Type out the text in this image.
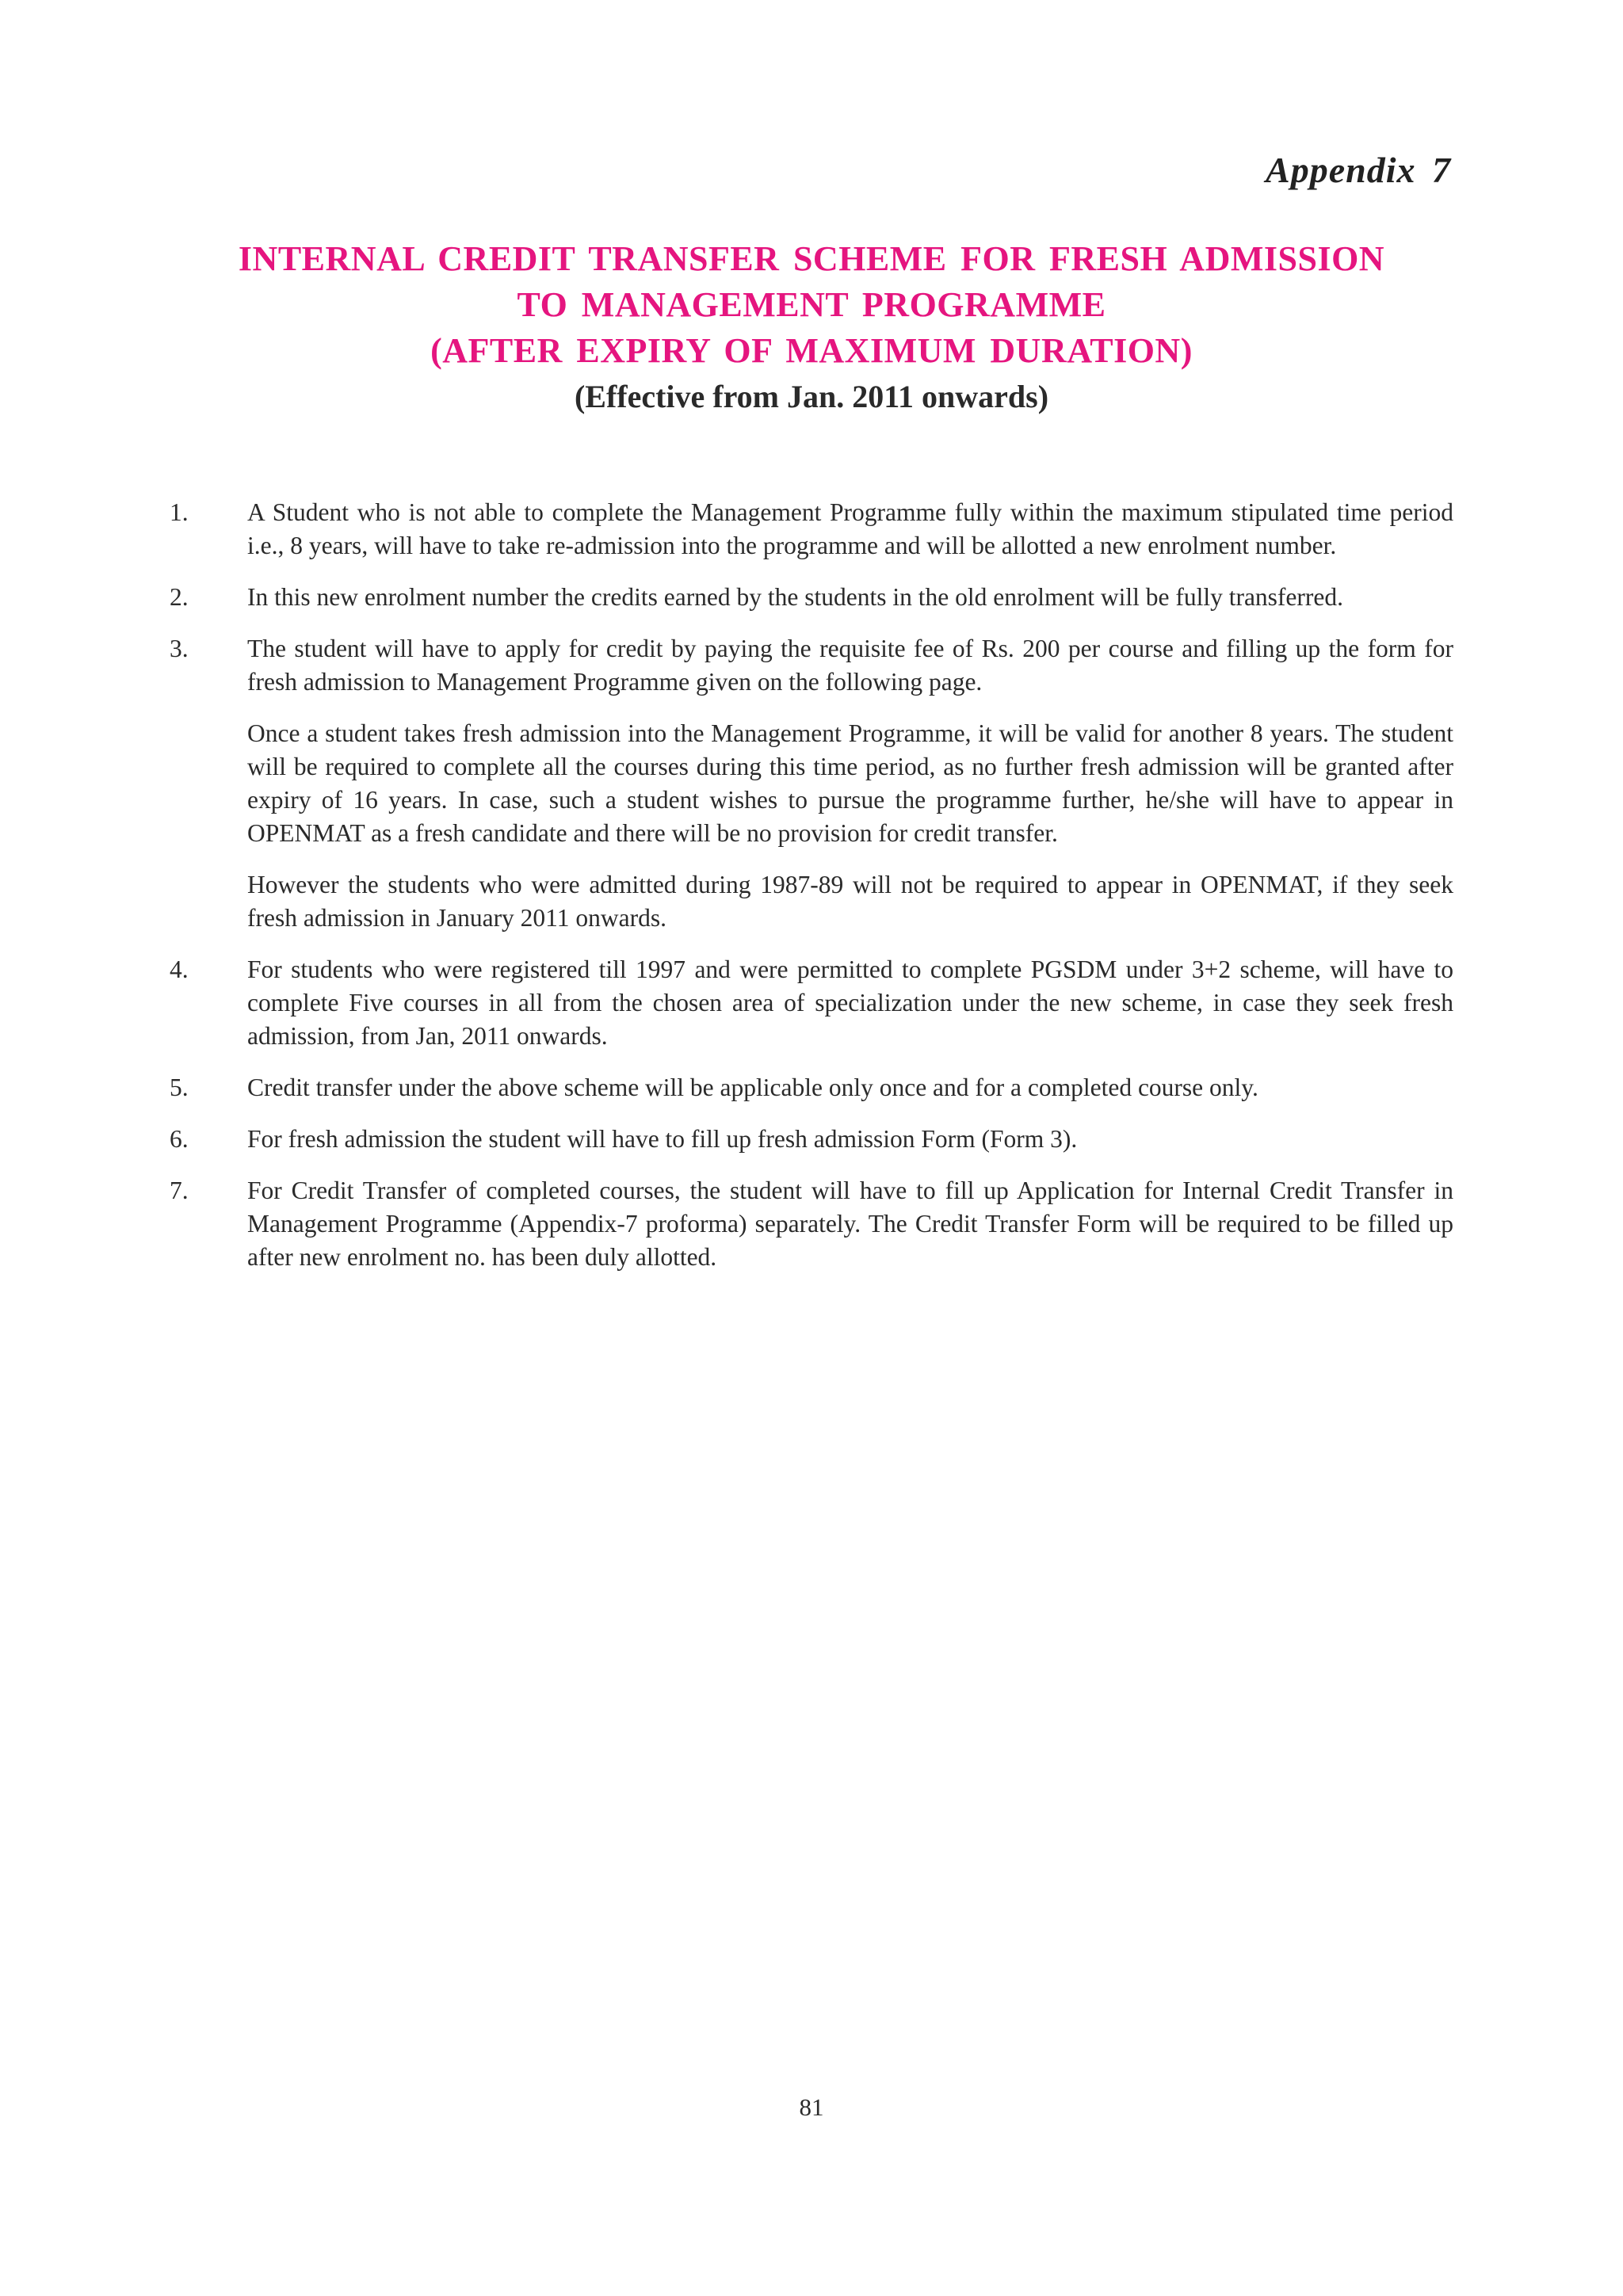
Appendix 7
INTERNAL CREDIT TRANSFER SCHEME FOR FRESH ADMISSION
TO MANAGEMENT PROGRAMME
(AFTER EXPIRY OF MAXIMUM DURATION)
(Effective from Jan. 2011 onwards)
1.	A Student who is not able to complete the Management Programme fully within the maximum stipulated time period i.e., 8 years, will have to take re-admission into the programme and will be allotted a new enrolment number.
2.	In this new enrolment number the credits earned by the students in the old enrolment will be fully transferred.
3.	The student will have to apply for credit by paying the requisite fee of Rs. 200 per course and filling up the form for fresh admission to Management Programme given on the following page.
Once a student takes fresh admission into the Management Programme, it will be valid for another 8 years. The student will be required to complete all the courses during this time period, as no further fresh admission will be granted after expiry of 16 years. In case, such a student wishes to pursue the programme further, he/she will have to appear in OPENMAT as a fresh candidate and there will be no provision for credit transfer.
However the students who were admitted during 1987-89 will not be required to appear in OPENMAT, if they seek fresh admission in January 2011 onwards.
4.	For students who were registered till 1997 and were permitted to complete PGSDM under 3+2 scheme, will have to complete Five courses in all from the chosen area of specialization under the new scheme, in case they seek fresh admission, from Jan, 2011 onwards.
5.	Credit transfer under the above scheme will be applicable only once and for a completed course only.
6.	For fresh admission the student will have to fill up fresh admission Form (Form 3).
7.	For Credit Transfer of completed courses, the student will have to fill up Application for Internal Credit Transfer in Management Programme (Appendix-7 proforma) separately. The Credit Transfer Form will be required to be filled up after new enrolment no. has been duly allotted.
81
